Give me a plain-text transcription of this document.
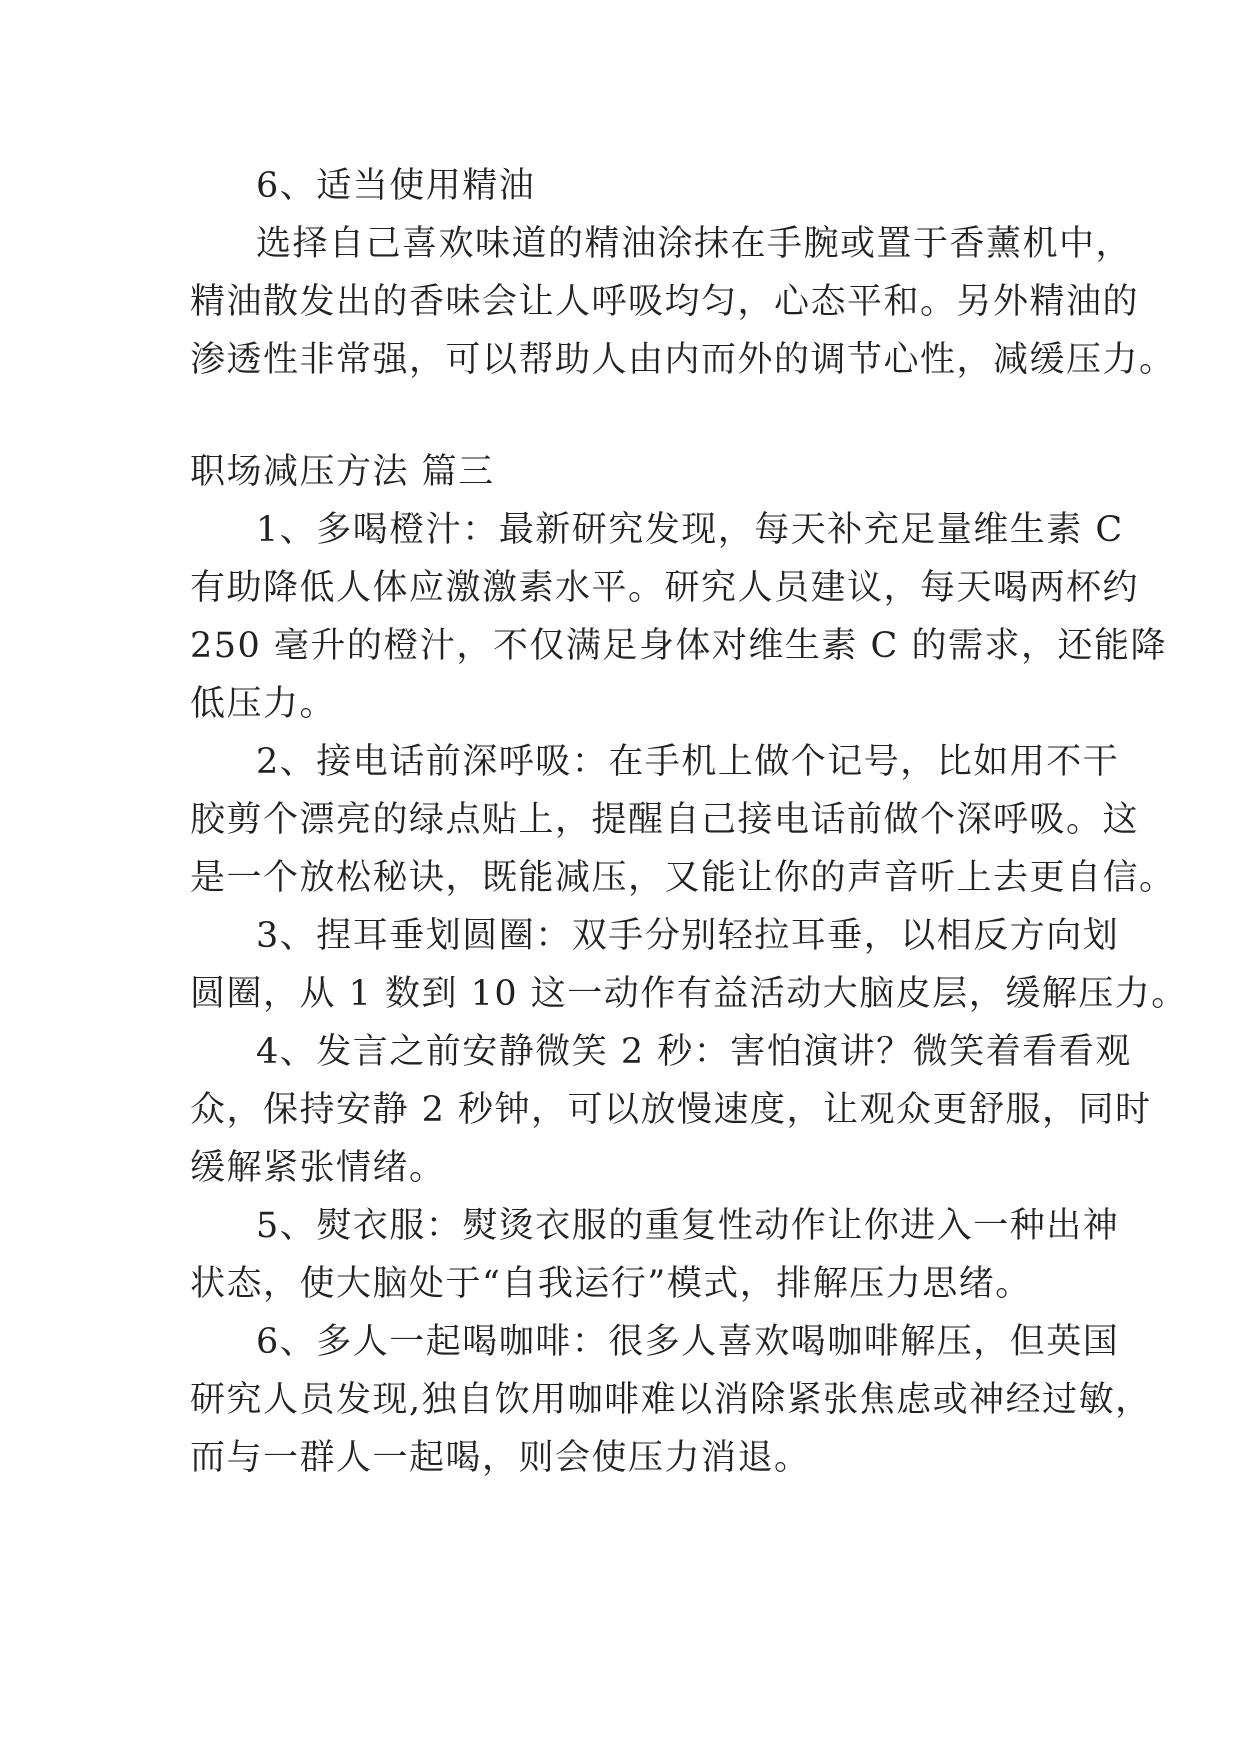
6、适当使用精油
选择自己喜欢味道的精油涂抹在手腕或置于香薰机中，
精油散发出的香味会让人呼吸均匀，心态平和。另外精油的
渗透性非常强，可以帮助人由内而外的调节心性，减缓压力。
职场减压方法 篇三
1、多喝橙汁：最新研究发现，每天补充足量维生素 C
有助降低人体应激激素水平。研究人员建议，每天喝两杯约
250 毫升的橙汁，不仅满足身体对维生素 C 的需求，还能降
低压力。
2、接电话前深呼吸：在手机上做个记号，比如用不干
胶剪个漂亮的绿点贴上，提醒自己接电话前做个深呼吸。这
是一个放松秘诀，既能减压，又能让你的声音听上去更自信。
3、捏耳垂划圆圈：双手分别轻拉耳垂，以相反方向划
圆圈，从 1 数到 10 这一动作有益活动大脑皮层，缓解压力。
4、发言之前安静微笑 2 秒：害怕演讲？微笑着看看观
众，保持安静 2 秒钟，可以放慢速度，让观众更舒服，同时
缓解紧张情绪。
5、熨衣服：熨烫衣服的重复性动作让你进入一种出神
状态，使大脑处于“自我运行”模式，排解压力思绪。
6、多人一起喝咖啡：很多人喜欢喝咖啡解压，但英国
研究人员发现,独自饮用咖啡难以消除紧张焦虑或神经过敏，
而与一群人一起喝，则会使压力消退。
